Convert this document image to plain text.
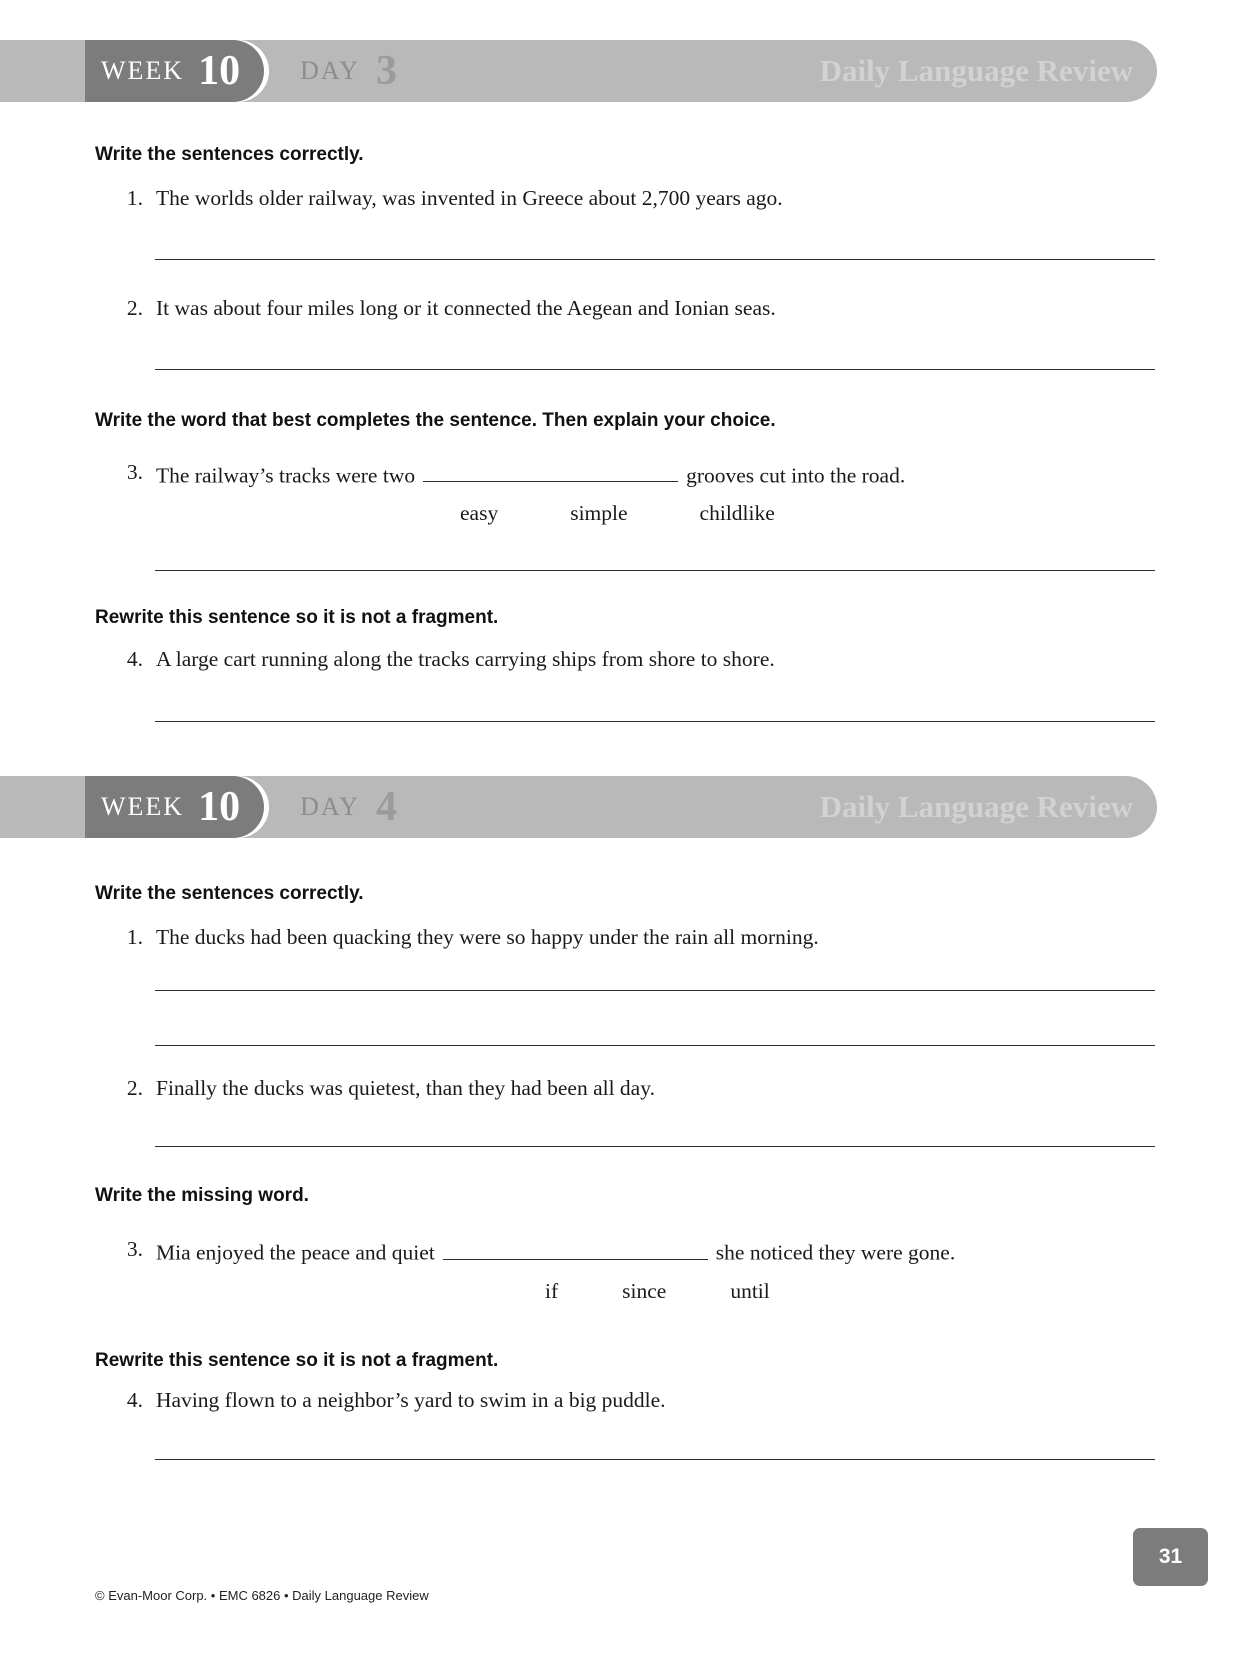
WEEK 10 DAY 3	Daily Language Review

Write the sentences correctly.

1. The worlds older railway, was invented in Greece about 2,700 years ago.
2. It was about four miles long or it connected the Aegean and Ionian seas.

Write the word that best completes the sentence. Then explain your choice.

3. The railway’s tracks were two	grooves cut into the road.
easy	simple	childlike

Rewrite this sentence so it is not a fragment.

4. A large cart running along the tracks carrying ships from shore to shore.
WEEK 10 DAY 4	Daily Language Review

Write the sentences correctly.

1. The ducks had been quacking they were so happy under the rain all morning.
2. Finally the ducks was quietest, than they had been all day.

Write the missing word.

3. Mia enjoyed the peace and quiet	she noticed they were gone.
if	since	until

Rewrite this sentence so it is not a fragment.

4. Having flown to a neighbor’s yard to swim in a big puddle.
© Evan-Moor Corp. • EMC 6826 • Daily Language Review
31
